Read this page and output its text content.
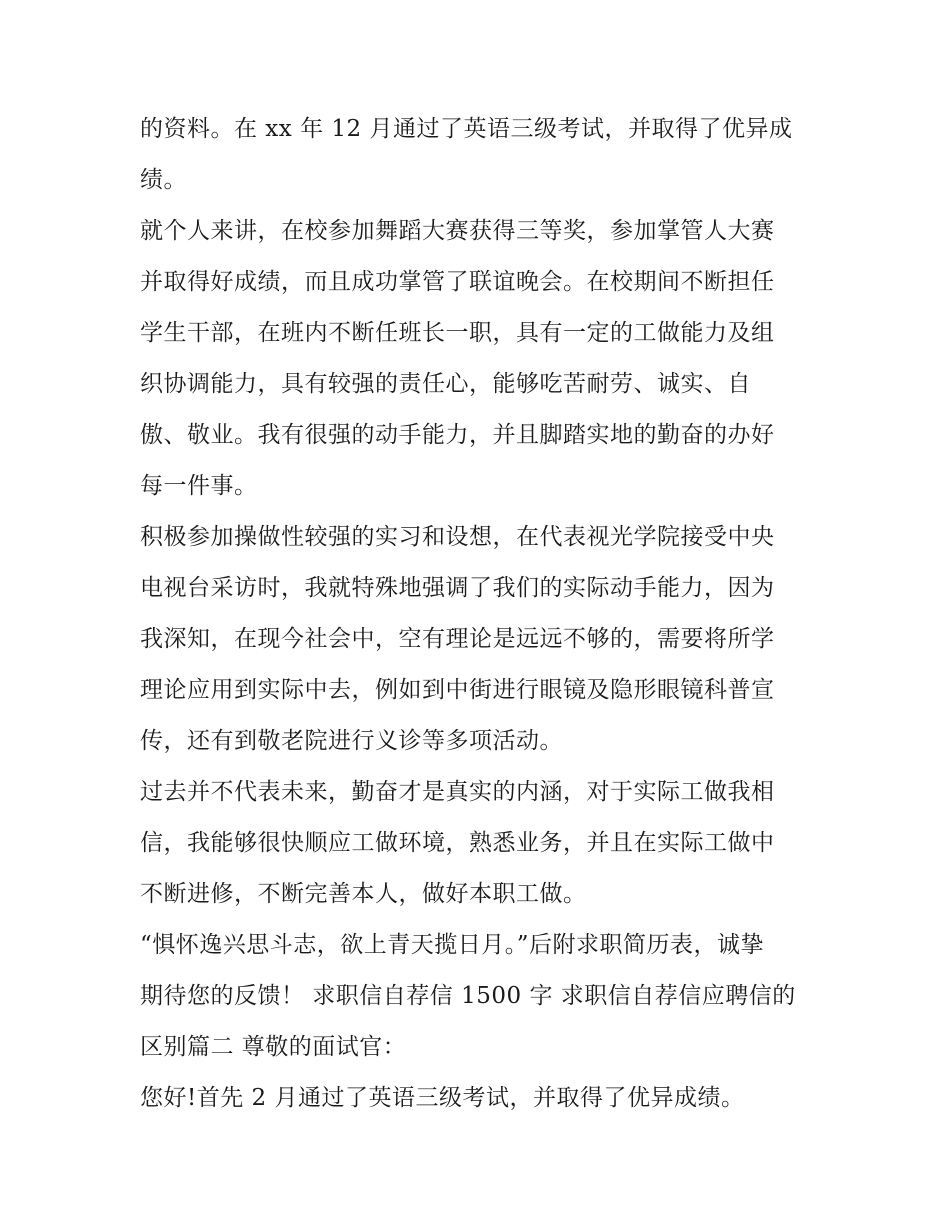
的资料。在 xx 年 12 月通过了英语三级考试，并取得了优异成
绩。

就个人来讲，在校参加舞蹈大赛获得三等奖，参加掌管人大赛
并取得好成绩，而且成功掌管了联谊晚会。在校期间不断担任
学生干部，在班内不断任班长一职，具有一定的工做能力及组
织协调能力，具有较强的责任心，能够吃苦耐劳、诚实、自
傲、敬业。我有很强的动手能力，并且脚踏实地的勤奋的办好
每一件事。

积极参加操做性较强的实习和设想，在代表视光学院接受中央
电视台采访时，我就特殊地强调了我们的实际动手能力，因为
我深知，在现今社会中，空有理论是远远不够的，需要将所学
理论应用到实际中去，例如到中街进行眼镜及隐形眼镜科普宣
传，还有到敬老院进行义诊等多项活动。

过去并不代表未来，勤奋才是真实的内涵，对于实际工做我相
信，我能够很快顺应工做环境，熟悉业务，并且在实际工做中
不断进修，不断完善本人，做好本职工做。

“惧怀逸兴思斗志，欲上青天揽日月。”后附求职简历表，诚挚
期待您的反馈！ 求职信自荐信 1500 字 求职信自荐信应聘信的
区别篇二 尊敬的面试官：

您好!首先 2 月通过了英语三级考试，并取得了优异成绩。
